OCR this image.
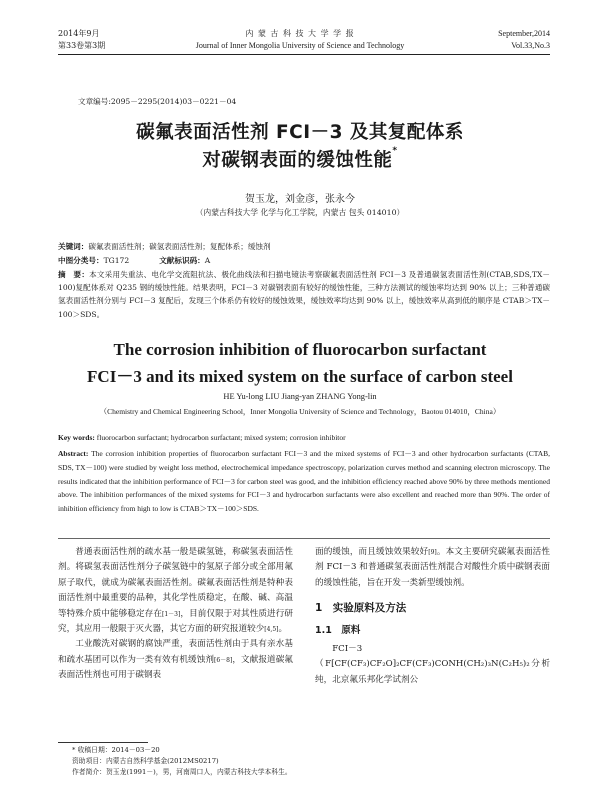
2014年9月
第33卷第3期
内 蒙 古 科 技 大 学 学 报
Journal of Inner Mongolia University of Science and Technology
September,2014
Vol.33,No.3
文章编号:2095－2295(2014)03－0221－04
碳氟表面活性剂 FCI－3 及其复配体系
对碳钢表面的缓蚀性能*
贺玉龙，刘金彦，张永今
（内蒙古科技大学 化学与化工学院，内蒙古 包头 014010）
关键词：碳氟表面活性剂；碳氢表面活性剂；复配体系；缓蚀剂
中图分类号：TG172	文献标识码：A
摘　要：本文采用失重法、电化学交流阻抗法、极化曲线法和扫描电镜法考察碳氟表面活性剂 FCI－3 及普通碳氢表面活性剂(CTAB,SDS,TX－100)复配体系对 Q235 钢的缓蚀性能。结果表明，FCI－3 对碳钢表面有较好的缓蚀性能，三种方法测试的缓蚀率均达到 90% 以上；三种普通碳氢表面活性剂分别与 FCI－3 复配后，发现三个体系仍有较好的缓蚀效果，缓蚀效率均达到 90% 以上，缓蚀效率从高到低的顺序是 CTAB＞TX－100＞SDS。
The corrosion inhibition of fluorocarbon surfactant
FCI－3 and its mixed system on the surface of carbon steel
HE Yu-long LIU Jiang-yan ZHANG Yong-lin
（Chemistry and Chemical Engineering School，Inner Mongolia University of Science and Technology，Baotou 014010，China）
Key words: fluorocarbon surfactant; hydrocarbon surfactant; mixed system; corrosion inhibitor
Abstract: The corrosion inhibition properties of fluorocarbon surfactant FCI－3 and the mixed systems of FCI－3 and other hydrocarbon surfactants (CTAB, SDS, TX－100) were studied by weight loss method, electrochemical impedance spectroscopy, polarization curves method and scanning electron microscopy. The results indicated that the inhibition performance of FCI－3 for carbon steel was good, and the inhibition efficiency reached above 90% by three methods mentioned above. The inhibition performances of the mixed systems for FCI－3 and hydrocarbon surfactants were also excellent and reached more than 90%. The order of inhibition efficiency from high to low is CTAB＞TX－100＞SDS.

普通表面活性剂的疏水基一般是碳氢链，称碳氢表面活性剂。将碳氢表面活性剂分子碳氢链中的氢原子部分或全部用氟原子取代，就成为碳氟表面活性剂。碳氟表面活性剂是特种表面活性剂中最重要的品种，其化学性质稳定，在酸、碱、高温等特殊介质中能够稳定存在[1－3]，目前仅限于对其性质进行研究，其应用一般限于灭火器，其它方面的研究报道较少[4,5]。

工业酸洗对碳钢的腐蚀严重，表面活性剂由于具有亲水基和疏水基团可以作为一类有效有机缓蚀剂[6－8]，文献报道碳氟表面活性剂也可用于碳钢表

面的缓蚀，而且缓蚀效果较好[9]。本文主要研究碳氟表面活性剂 FCI－3 和普通碳氢表面活性剂混合对酸性介质中碳钢表面的缓蚀性能，旨在开发一类新型缓蚀剂。

1　实验原料及方法
1.1　原料

FCI－3（F[CF(CF₃)CF₂O]₂CF(CF₃)CONH(CH₂)₃N(C₂H₅)₂分析纯，北京氟乐邦化学试剂公

* 收稿日期：2014－03－20
资助项目：内蒙古自然科学基金(2012MS0217)
作者简介：贺玉龙(1991－)，男，河南周口人，内蒙古科技大学本科生。
